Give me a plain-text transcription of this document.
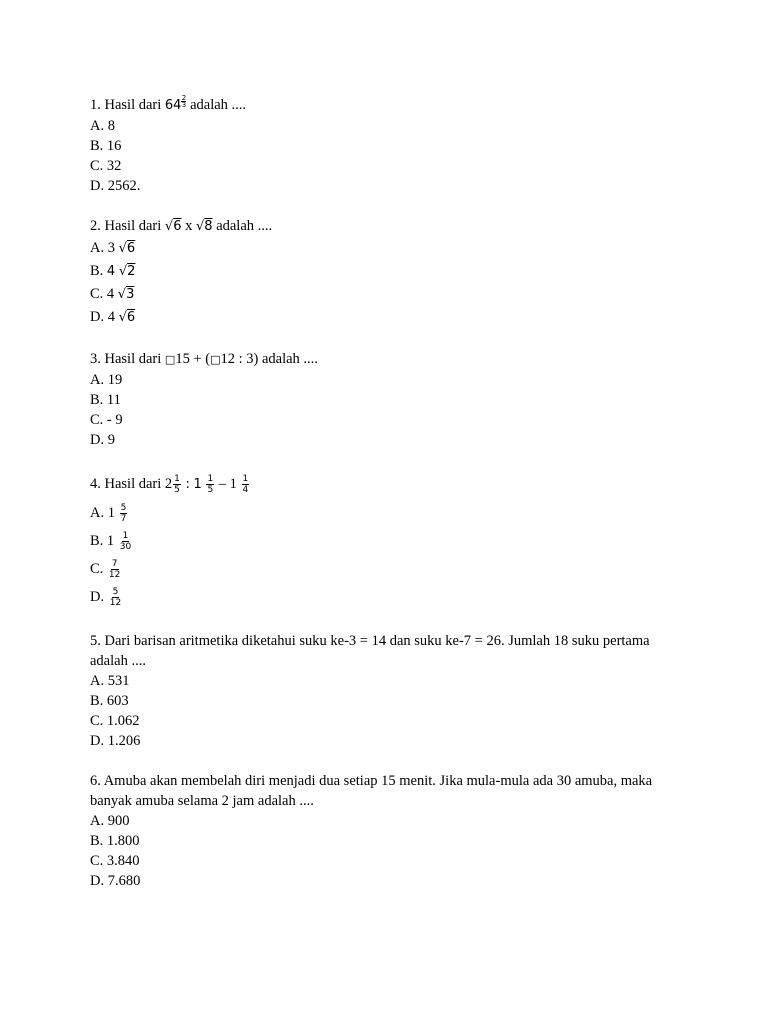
1. Hasil dari $64 \frac{2}{3}$ adalah ....
A. 8
B. 16
C. 32
D. 2562.
2. Hasil dari √6 x √8 adalah ....
A. 3 √6
B. 4 √2
C. 4 √3
D. 4 √6
3. Hasil dari □15 + (□12 : 3) adalah ....
A. 19
B. 11
C. - 9
D. 9
4. Hasil dari $2 \frac{1}{5}$ : $1 \frac{1}{5} - 1 \frac{1}{4}$
A. $1 \frac{5}{7}$
B. $1 \frac{1}{30}$
C. $\frac{7}{12}$
D. $\frac{5}{12}$
5. Dari barisan aritmetika diketahui suku ke-3 = 14 dan suku ke-7 = 26. Jumlah 18 suku pertama adalah ....
A. 531
B. 603
C. 1.062
D. 1.206
6. Amuba akan membelah diri menjadi dua setiap 15 menit. Jika mula-mula ada 30 amuba, maka banyak amuba selama 2 jam adalah ....
A. 900
B. 1.800
C. 3.840
D. 7.680
